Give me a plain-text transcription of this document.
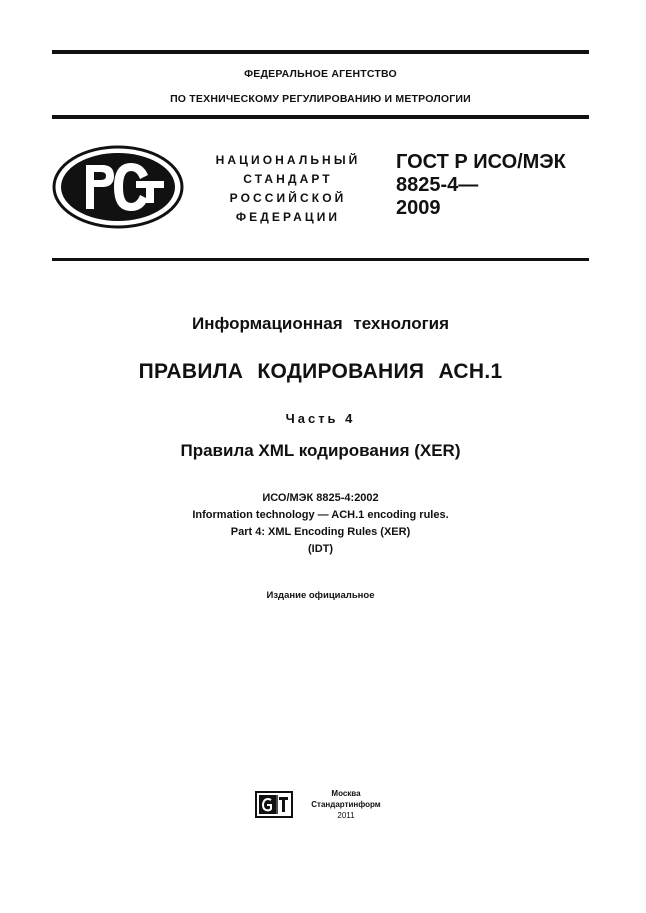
ФЕДЕРАЛЬНОЕ АГЕНТСТВО
ПО ТЕХНИЧЕСКОМУ РЕГУЛИРОВАНИЮ И МЕТРОЛОГИИ
НАЦИОНАЛЬНЫЙ
СТАНДАРТ
РОССИЙСКОЙ
ФЕДЕРАЦИИ
ГОСТ Р ИСО/МЭК
8825-4—
2009
Информационная технология
ПРАВИЛА КОДИРОВАНИЯ АСН.1
Часть 4
Правила XML кодирования (XER)
ИСО/МЭК 8825-4:2002
Information technology — ACH.1 encoding rules.
Part 4: XML Encoding Rules (XER)
(IDT)
Издание официальное
Москва
Стандартинформ
2011
